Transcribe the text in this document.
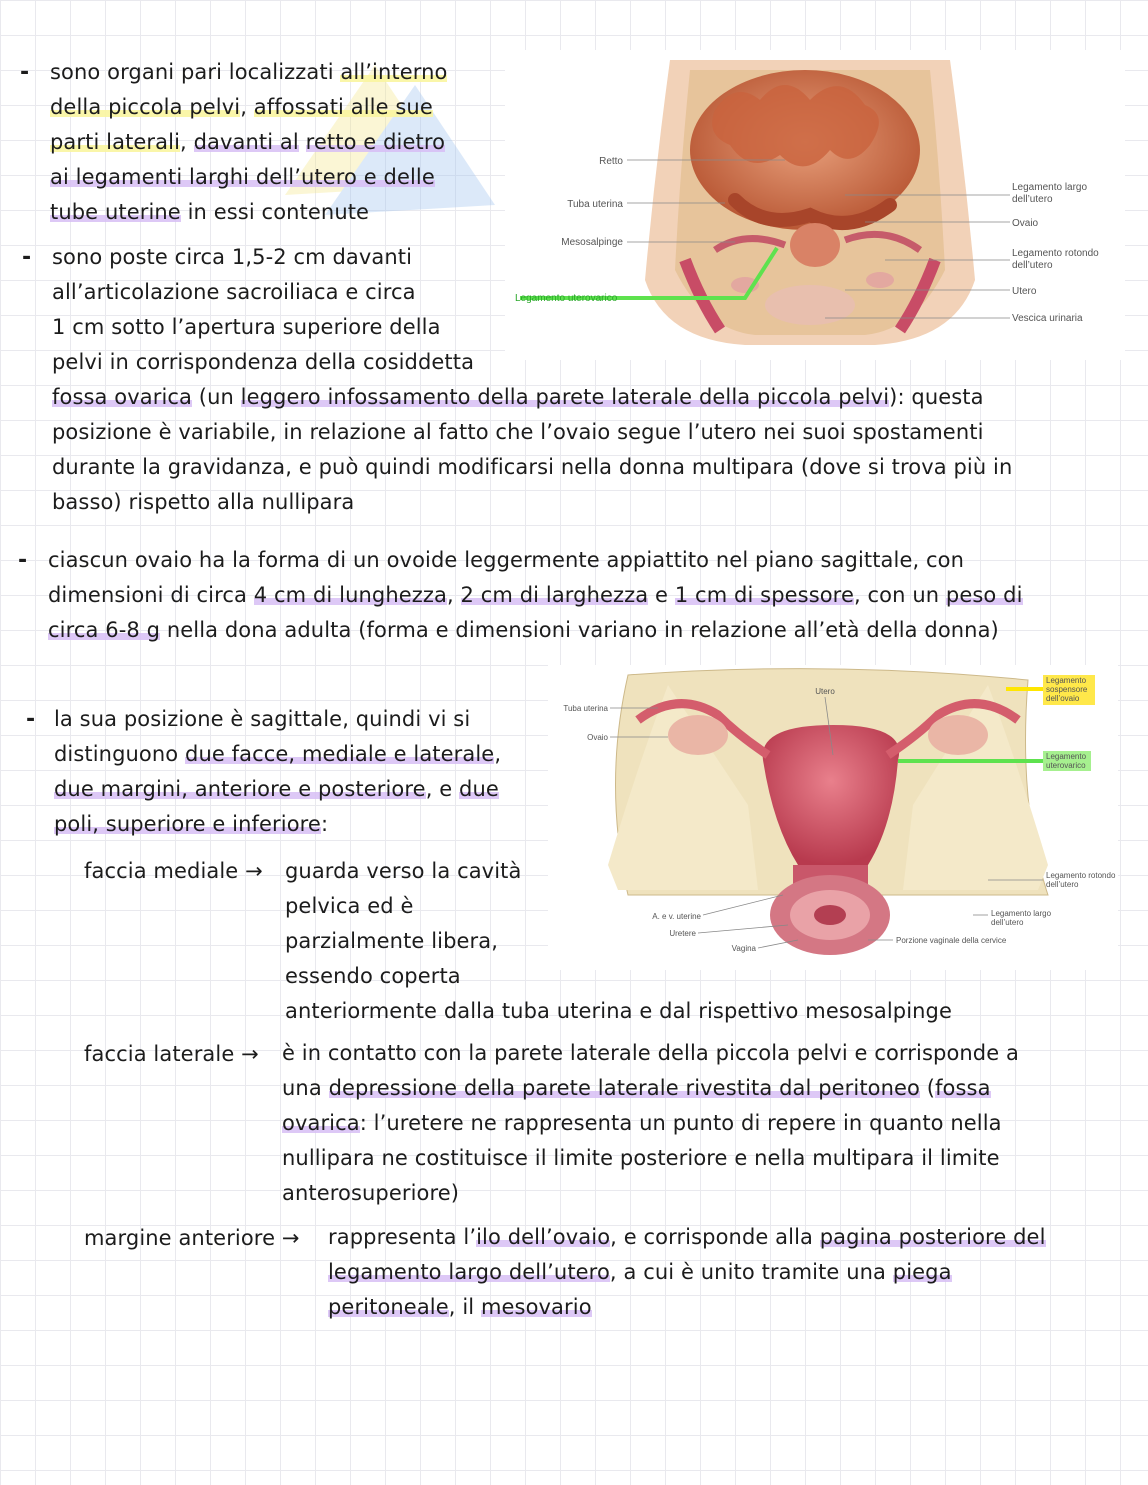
- sono organi pari localizzati all’interno
della piccola pelvi, affossati alle sue
parti laterali, davanti al retto e dietro
ai legamenti larghi dell’utero e delle
tube uterine in essi contenute
- sono poste circa 1,5-2 cm davanti
all’articolazione sacroiliaca e circa
1 cm sotto l’apertura superiore della
pelvi in corrispondenza della cosiddetta
fossa ovarica (un leggero infossamento della parete laterale della piccola pelvi): questa
posizione è variabile, in relazione al fatto che l’ovaio segue l’utero nei suoi spostamenti
durante la gravidanza, e può quindi modificarsi nella donna multipara (dove si trova più in
basso) rispetto alla nullipara
- ciascun ovaio ha la forma di un ovoide leggermente appiattito nel piano sagittale, con
dimensioni di circa 4 cm di lunghezza, 2 cm di larghezza e 1 cm di spessore, con un peso di
circa 6-8 g nella dona adulta (forma e dimensioni variano in relazione all’età della donna)
- la sua posizione è sagittale, quindi vi si
distinguono due facce, mediale e laterale,
due margini, anteriore e posteriore, e due
poli, superiore e inferiore:
faccia mediale → guarda verso la cavità
pelvica ed è
parzialmente libera,
essendo coperta
anteriormente dalla tuba uterina e dal rispettivo mesosalpinge
faccia laterale → è in contatto con la parete laterale della piccola pelvi e corrisponde a
una depressione della parete laterale rivestita dal peritoneo (fossa
ovarica: l’uretere ne rappresenta un punto di repere in quanto nella
nullipara ne costituisce il limite posteriore e nella multipara il limite
anterosuperiore)
margine anteriore → rappresenta l’ilo dell’ovaio, e corrisponde alla pagina posteriore del
legamento largo dell’utero, a cui è unito tramite una piega
peritoneale, il mesovario
Retto
Tuba uterina
Mesosalpinge
Legamento uterovarico
Legamento largo
dell’utero
Ovaio
Legamento rotondo
dell’utero
Utero
Vescica urinaria
Tuba uterina
Ovaio
Utero
Legamento
sospensore
dell’ovaio
Legamento
uterovarico
Legamento rotondo
dell’utero
Legamento largo
dell’utero
A. e v. uterine
Uretere
Vagina
Porzione vaginale della cervice
